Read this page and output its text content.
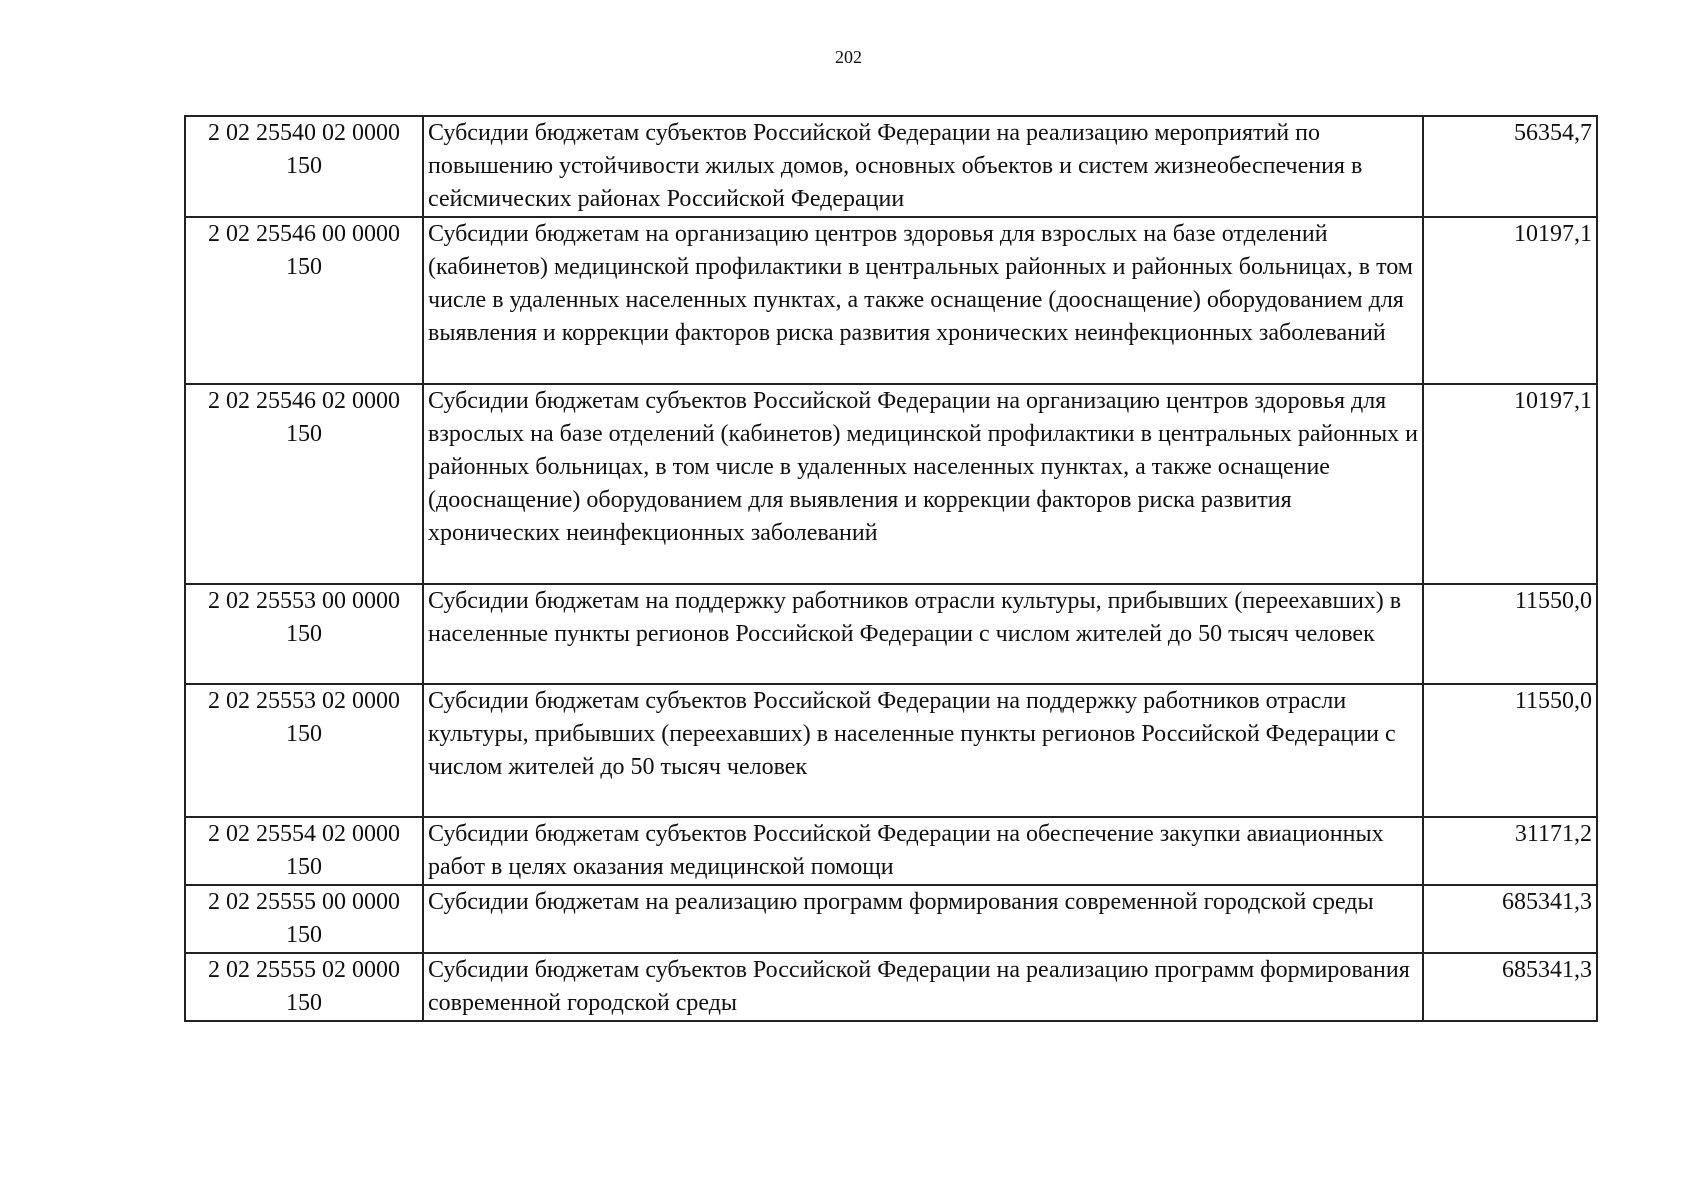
202
2 02 25540 02 0000
150	Субсидии бюджетам субъектов Российской Федерации на реализацию мероприятий по повышению устойчивости жилых домов, основных объектов и систем жизнеобеспечения в сейсмических районах Российской Федерации	56354,7

2 02 25546 00 0000
150	Субсидии бюджетам на организацию центров здоровья для взрослых на базе отделений (кабинетов) медицинской профилактики в центральных районных и районных больницах, в том числе в удаленных населенных пунктах, а также оснащение (дооснащение) оборудованием для выявления и коррекции факторов риска развития хронических неинфекционных заболеваний	10197,1

2 02 25546 02 0000
150	Субсидии бюджетам субъектов Российской Федерации на организацию центров здоровья для взрослых на базе отделений (кабинетов) медицинской профилактики в центральных районных и районных больницах, в том числе в удаленных населенных пунктах, а также оснащение (дооснащение) оборудованием для выявления и коррекции факторов риска развития хронических неинфекционных заболеваний	10197,1

2 02 25553 00 0000
150	Субсидии бюджетам на поддержку работников отрасли культуры, прибывших (переехавших) в населенные пункты регионов Российской Федерации с числом жителей до 50 тысяч человек	11550,0

2 02 25553 02 0000
150	Субсидии бюджетам субъектов Российской Федерации на поддержку работников отрасли культуры, прибывших (переехавших) в населенные пункты регионов Российской Федерации с числом жителей до 50 тысяч человек	11550,0

2 02 25554 02 0000
150	Субсидии бюджетам субъектов Российской Федерации на обеспечение закупки авиационных работ в целях оказания медицинской помощи	31171,2

2 02 25555 00 0000
150	Субсидии бюджетам на реализацию программ формирования современной городской среды	685341,3

2 02 25555 02 0000
150	Субсидии бюджетам субъектов Российской Федерации на реализацию программ формирования современной городской среды	685341,3
